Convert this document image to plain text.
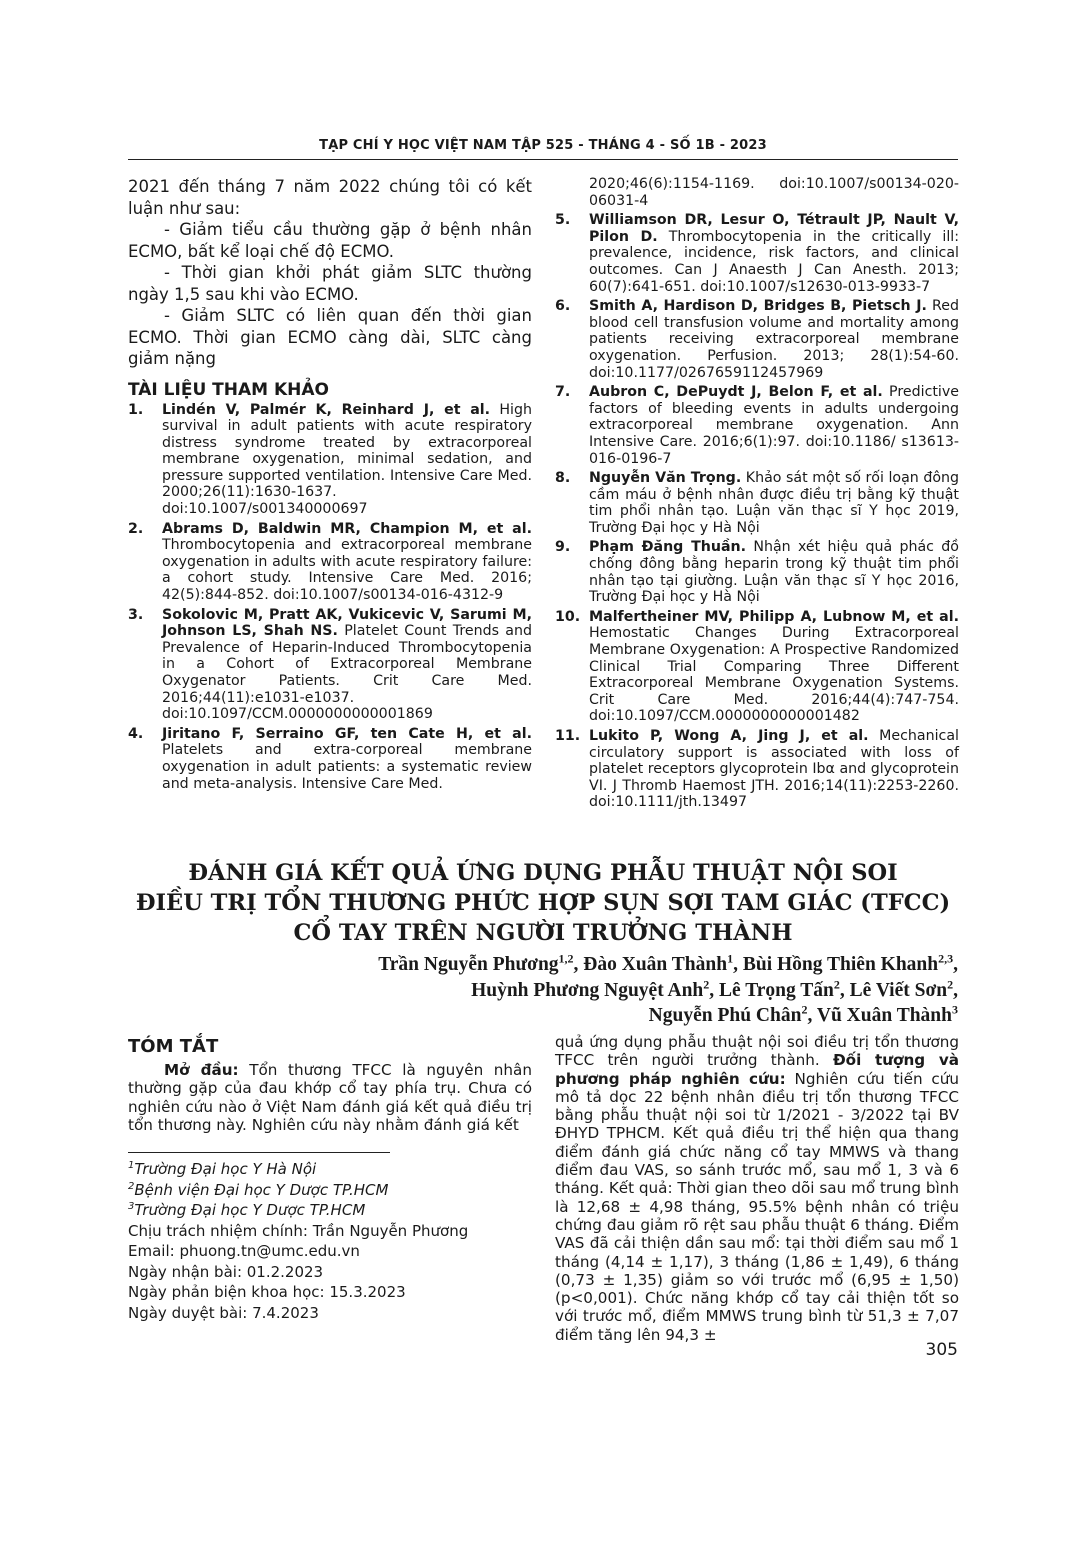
TẠP CHÍ Y HỌC VIỆT NAM TẬP 525 - THÁNG 4 - SỐ 1B - 2023

2021 đến tháng 7 năm 2022 chúng tôi có kết luận như sau:

- Giảm tiểu cầu thường gặp ở bệnh nhân ECMO, bất kể loại chế độ ECMO.

- Thời gian khởi phát giảm SLTC thường ngày 1,5 sau khi vào ECMO.

- Giảm SLTC có liên quan đến thời gian ECMO. Thời gian ECMO càng dài, SLTC càng giảm nặng

TÀI LIỆU THAM KHẢO
1. Lindén V, Palmér K, Reinhard J, et al. High survival in adult patients with acute respiratory distress syndrome treated by extracorporeal membrane oxygenation, minimal sedation, and pressure supported ventilation. Intensive Care Med. 2000;26(11):1630-1637. doi:10.1007/s001340000697
2. Abrams D, Baldwin MR, Champion M, et al. Thrombocytopenia and extracorporeal membrane oxygenation in adults with acute respiratory failure: a cohort study. Intensive Care Med. 2016; 42(5):844-852. doi:10.1007/s00134-016-4312-9
3. Sokolovic M, Pratt AK, Vukicevic V, Sarumi M, Johnson LS, Shah NS. Platelet Count Trends and Prevalence of Heparin-Induced Thrombocytopenia in a Cohort of Extracorporeal Membrane Oxygenator Patients. Crit Care Med. 2016;44(11):e1031-e1037. doi:10.1097/CCM.0000000000001869
4. Jiritano F, Serraino GF, ten Cate H, et al. Platelets and extra-corporeal membrane oxygenation in adult patients: a systematic review and meta-analysis. Intensive Care Med.
2020;46(6):1154-1169. doi:10.1007/s00134-020-06031-4
5. Williamson DR, Lesur O, Tétrault JP, Nault V, Pilon D. Thrombocytopenia in the critically ill: prevalence, incidence, risk factors, and clinical outcomes. Can J Anaesth J Can Anesth. 2013; 60(7):641-651. doi:10.1007/s12630-013-9933-7
6. Smith A, Hardison D, Bridges B, Pietsch J. Red blood cell transfusion volume and mortality among patients receiving extracorporeal membrane oxygenation. Perfusion. 2013; 28(1):54-60. doi:10.1177/0267659112457969
7. Aubron C, DePuydt J, Belon F, et al. Predictive factors of bleeding events in adults undergoing extracorporeal membrane oxygenation. Ann Intensive Care. 2016;6(1):97. doi:10.1186/ s13613-016-0196-7
8. Nguyễn Văn Trọng. Khảo sát một số rối loạn đông cầm máu ở bệnh nhân được điều trị bằng kỹ thuật tim phổi nhân tạo. Luận văn thạc sĩ Y học 2019, Trường Đại học y Hà Nội
9. Phạm Đăng Thuần. Nhận xét hiệu quả phác đồ chống đông bằng heparin trong kỹ thuật tim phổi nhân tạo tại giường. Luận văn thạc sĩ Y học 2016, Trường Đại học y Hà Nội
10. Malfertheiner MV, Philipp A, Lubnow M, et al. Hemostatic Changes During Extracorporeal Membrane Oxygenation: A Prospective Randomized Clinical Trial Comparing Three Different Extracorporeal Membrane Oxygenation Systems. Crit Care Med. 2016;44(4):747-754. doi:10.1097/CCM.0000000000001482
11. Lukito P, Wong A, Jing J, et al. Mechanical circulatory support is associated with loss of platelet receptors glycoprotein Ibα and glycoprotein VI. J Thromb Haemost JTH. 2016;14(11):2253-2260. doi:10.1111/jth.13497
ĐÁNH GIÁ KẾT QUẢ ỨNG DỤNG PHẪU THUẬT NỘI SOI
ĐIỀU TRỊ TỔN THƯƠNG PHỨC HỢP SỤN SỢI TAM GIÁC (TFCC)
CỔ TAY TRÊN NGƯỜI TRƯỞNG THÀNH
Trần Nguyễn Phương$^{1,2}$, Đào Xuân Thành$^1$, Bùi Hồng Thiên Khanh$^{2,3}$,
Huỳnh Phương Nguyệt Anh$^2$, Lê Trọng Tấn$^2$, Lê Viết Sơn$^2$,
Nguyễn Phú Chân$^2$, Vũ Xuân Thành$^3$
TÓM TẮT

Mở đầu: Tổn thương TFCC là nguyên nhân thường gặp của đau khớp cổ tay phía trụ. Chưa có nghiên cứu nào ở Việt Nam đánh giá kết quả điều trị tổn thương này. Nghiên cứu này nhằm đánh giá kết

quả ứng dụng phẫu thuật nội soi điều trị tổn thương TFCC trên người trưởng thành. Đối tượng và phương pháp nghiên cứu: Nghiên cứu tiến cứu mô tả dọc 22 bệnh nhân điều trị tổn thương TFCC bằng phẫu thuật nội soi từ 1/2021 - 3/2022 tại BV ĐHYD TPHCM. Kết quả điều trị thể hiện qua thang điểm đánh giá chức năng cổ tay MMWS và thang điểm đau VAS, so sánh trước mổ, sau mổ 1, 3 và 6 tháng. Kết quả: Thời gian theo dõi sau mổ trung bình là 12,68 ± 4,98 tháng, 95.5% bệnh nhân có triệu chứng đau giảm rõ rệt sau phẫu thuật 6 tháng. Điểm VAS đã cải thiện dần sau mổ: tại thời điểm sau mổ 1 tháng (4,14 ± 1,17), 3 tháng (1,86 ± 1,49), 6 tháng (0,73 ± 1,35) giảm so với trước mổ (6,95 ± 1,50) (p<0,001). Chức năng khớp cổ tay cải thiện tốt so với trước mổ, điểm MMWS trung bình từ 51,3 ± 7,07 điểm tăng lên 94,3 ±
$^1$Trường Đại học Y Hà Nội
$^2$Bệnh viện Đại học Y Dược TP.HCM
$^3$Trường Đại học Y Dược TP.HCM
Chịu trách nhiệm chính: Trần Nguyễn Phương
Email: phuong.tn@umc.edu.vn
Ngày nhận bài: 01.2.2023
Ngày phản biện khoa học: 15.3.2023
Ngày duyệt bài: 7.4.2023
305
